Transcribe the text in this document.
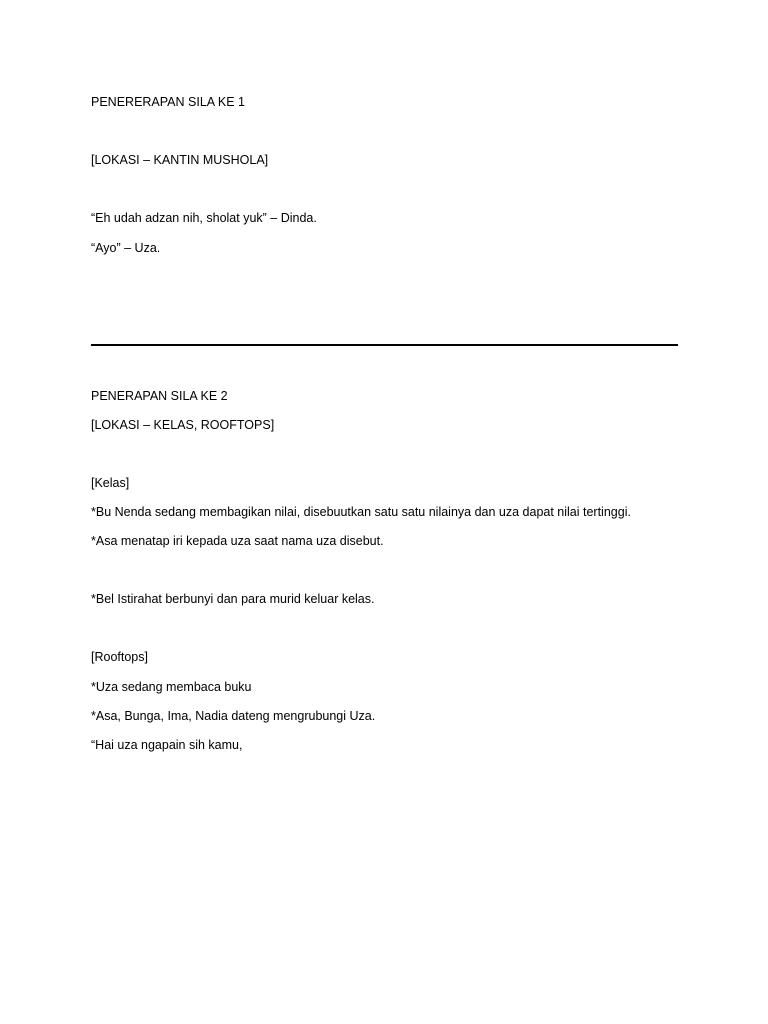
PENERERAPAN SILA KE 1
[LOKASI – KANTIN MUSHOLA]
“Eh udah adzan nih, sholat yuk” – Dinda.
“Ayo” – Uza.
PENERAPAN SILA KE 2
[LOKASI – KELAS, ROOFTOPS]
[Kelas]
*Bu Nenda sedang membagikan nilai, disebuutkan satu satu nilainya dan uza dapat nilai tertinggi.
*Asa menatap iri kepada uza saat nama uza disebut.
*Bel Istirahat berbunyi dan para murid keluar kelas.
[Rooftops]
*Uza sedang membaca buku
*Asa, Bunga, Ima, Nadia dateng mengrubungi Uza.
“Hai uza ngapain sih kamu,
